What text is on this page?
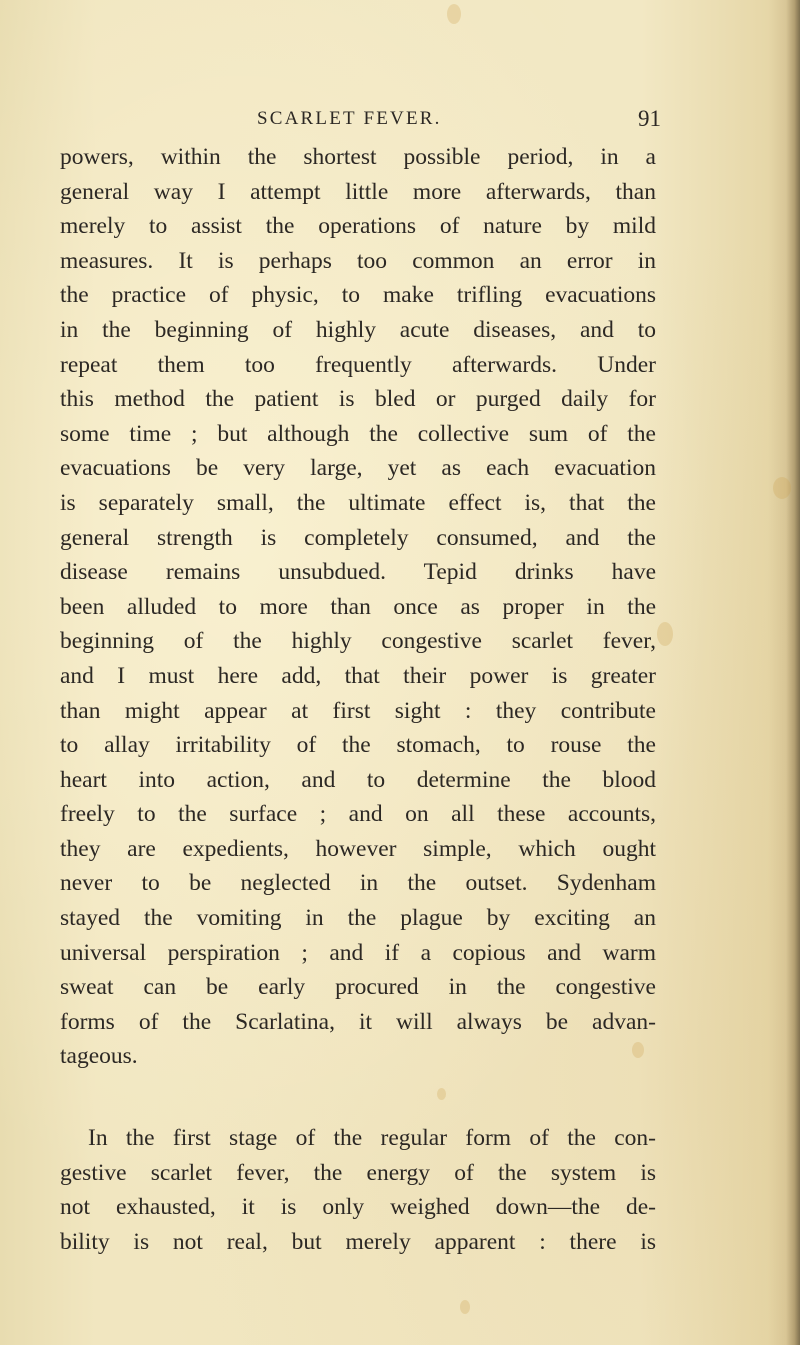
SCARLET FEVER.	91
powers, within the shortest possible period, in a
general way I attempt little more afterwards, than
merely to assist the operations of nature by mild
measures. It is perhaps too common an error in
the practice of physic, to make trifling evacuations
in the beginning of highly acute diseases, and to
repeat them too frequently afterwards. Under
this method the patient is bled or purged daily for
some time ; but although the collective sum of the
evacuations be very large, yet as each evacuation
is separately small, the ultimate effect is, that the
general strength is completely consumed, and the
disease remains unsubdued. Tepid drinks have
been alluded to more than once as proper in the
beginning of the highly congestive scarlet fever,
and I must here add, that their power is greater
than might appear at first sight : they contribute
to allay irritability of the stomach, to rouse the
heart into action, and to determine the blood
freely to the surface ; and on all these accounts,
they are expedients, however simple, which ought
never to be neglected in the outset. Sydenham
stayed the vomiting in the plague by exciting an
universal perspiration ; and if a copious and warm
sweat can be early procured in the congestive
forms of the Scarlatina, it will always be advan-
tageous.
In the first stage of the regular form of the con-
gestive scarlet fever, the energy of the system is
not exhausted, it is only weighed down—the de-
bility is not real, but merely apparent : there is
